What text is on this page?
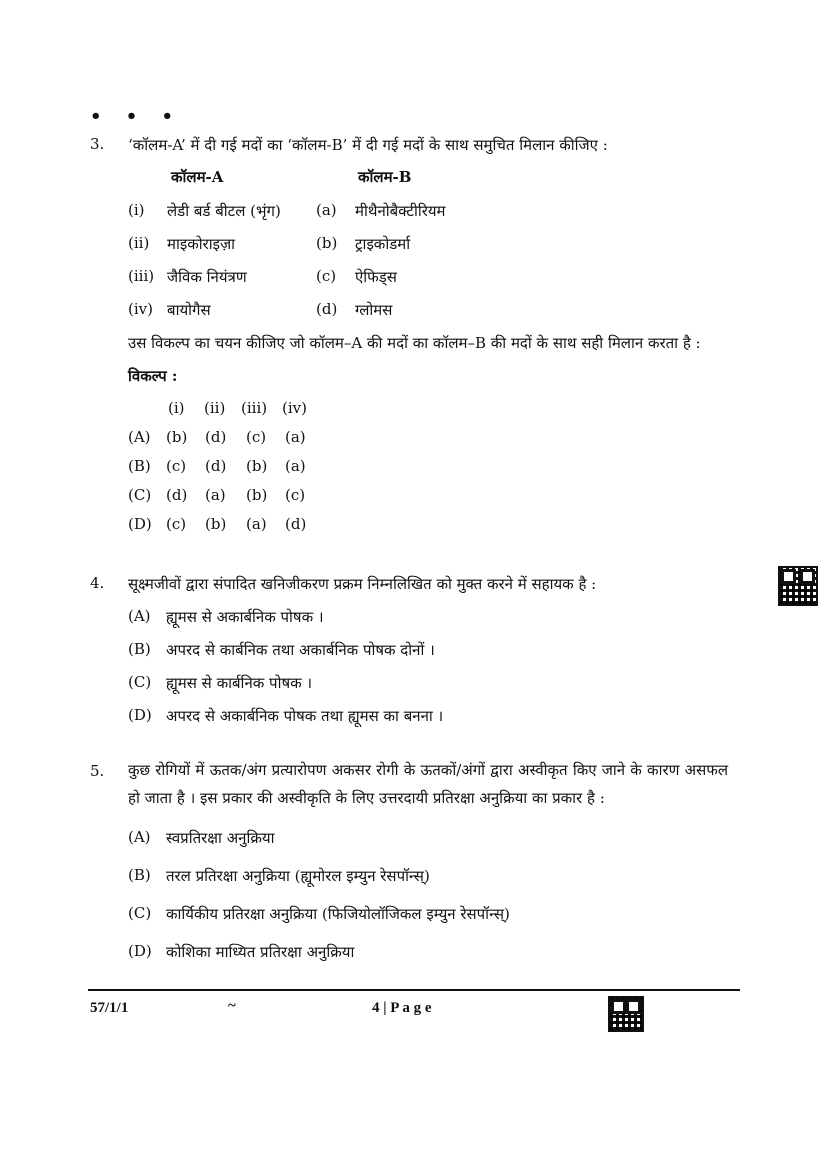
• • •
3. ‘कॉलम-A’ में दी गई मदों का ‘कॉलम-B’ में दी गई मदों के साथ समुचित मिलान कीजिए :
कॉलम-A	कॉलम-B
(i) लेडी बर्ड बीटल (भृंग) (a) मीथैनोबैक्टीरियम
(ii) माइकोराइज़ा	(b) ट्राइकोडर्मा
(iii) जैविक नियंत्रण	(c) ऐफिड्स
(iv) बायोगैस	(d) ग्लोमस
उस विकल्प का चयन कीजिए जो कॉलम–A की मदों का कॉलम–B की मदों के साथ सही मिलान करता है :
विकल्प :
(i) (ii) (iii) (iv)
(A) (b) (d) (c) (a)
(B) (c) (d) (b) (a)
(C) (d) (a) (b) (c)
(D) (c) (b) (a) (d)
4. सूक्ष्मजीवों द्वारा संपादित खनिजीकरण प्रक्रम निम्नलिखित को मुक्त करने में सहायक है :
(A) ह्यूमस से अकार्बनिक पोषक ।
(B) अपरद से कार्बनिक तथा अकार्बनिक पोषक दोनों ।
(C) ह्यूमस से कार्बनिक पोषक ।
(D) अपरद से अकार्बनिक पोषक तथा ह्यूमस का बनना ।
5. कुछ रोगियों में ऊतक/अंग प्रत्यारोपण अकसर रोगी के ऊतकों/अंगों द्वारा अस्वीकृत किए जाने के कारण असफल हो जाता है । इस प्रकार की अस्वीकृति के लिए उत्तरदायी प्रतिरक्षा अनुक्रिया का प्रकार है :
(A) स्वप्रतिरक्षा अनुक्रिया
(B) तरल प्रतिरक्षा अनुक्रिया (ह्यूमोरल इम्युन रेसपॉन्स्)
(C) कार्यिकीय प्रतिरक्षा अनुक्रिया (फिजियोलॉजिकल इम्युन रेसपॉन्स्)
(D) कोशिका माध्यित प्रतिरक्षा अनुक्रिया
57/1/1	~	4 | P a g e
